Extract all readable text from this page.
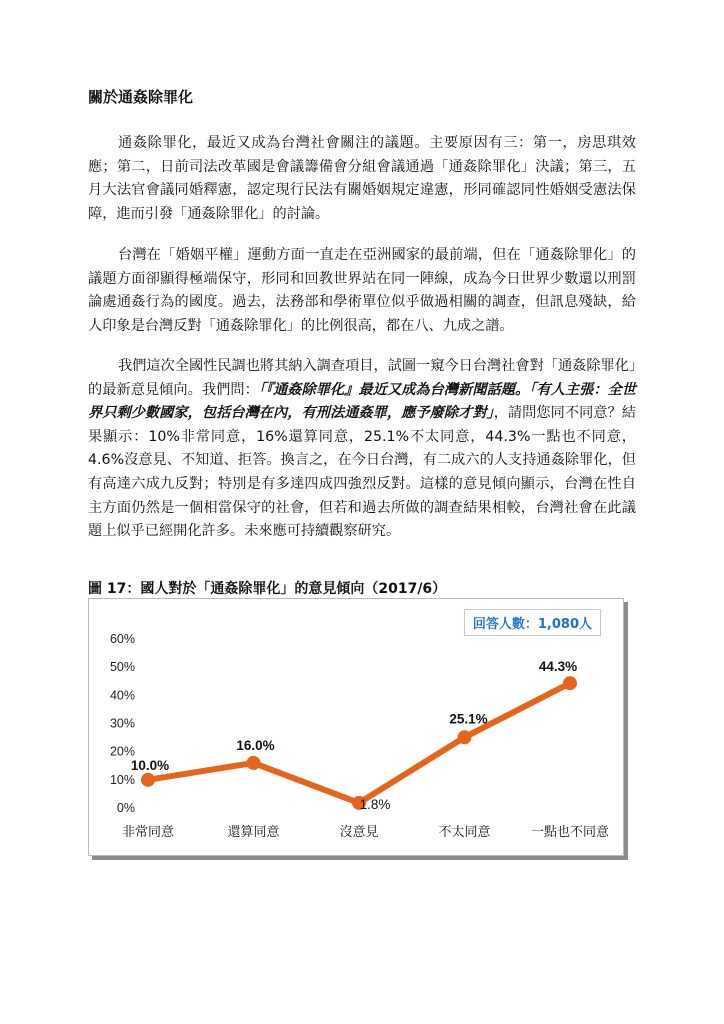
關於通姦除罪化

通姦除罪化，最近又成為台灣社會關注的議題。主要原因有三：第一，房思琪效應；第二，日前司法改革國是會議籌備會分組會議通過「通姦除罪化」決議；第三，五月大法官會議同婚釋憲，認定現行民法有關婚姻規定違憲，形同確認同性婚姻受憲法保障，進而引發「通姦除罪化」的討論。

台灣在「婚姻平權」運動方面一直走在亞洲國家的最前端，但在「通姦除罪化」的議題方面卻顯得極端保守，形同和回教世界站在同一陣線，成為今日世界少數還以刑罰論處通姦行為的國度。過去，法務部和學術單位似乎做過相關的調查，但訊息殘缺，給人印象是台灣反對「通姦除罪化」的比例很高，都在八、九成之譜。

我們這次全國性民調也將其納入調查項目，試圖一窺今日台灣社會對「通姦除罪化」的最新意見傾向。我們問：「『通姦除罪化』最近又成為台灣新聞話題。「有人主張：全世界只剩少數國家，包括台灣在內，有刑法通姦罪，應予廢除才對」，請問您同不同意？結果顯示：10%非常同意，16%還算同意，25.1%不太同意，44.3%一點也不同意，4.6%沒意見、不知道、拒答。換言之，在今日台灣，有二成六的人支持通姦除罪化，但有高達六成九反對；特別是有多達四成四強烈反對。這樣的意見傾向顯示，台灣在性自主方面仍然是一個相當保守的社會，但若和過去所做的調查結果相較，台灣社會在此議題上似乎已經開化許多。未來應可持續觀察研究。

圖 17：國人對於「通姦除罪化」的意見傾向（2017/6）
0%
10%
20%
30%
40%
50%
60%
非常同意	還算同意	沒意見	不太同意	一點也不同意
10.0%
16.0%
1.8%
25.1%
44.3%
回答人數：1,080人
